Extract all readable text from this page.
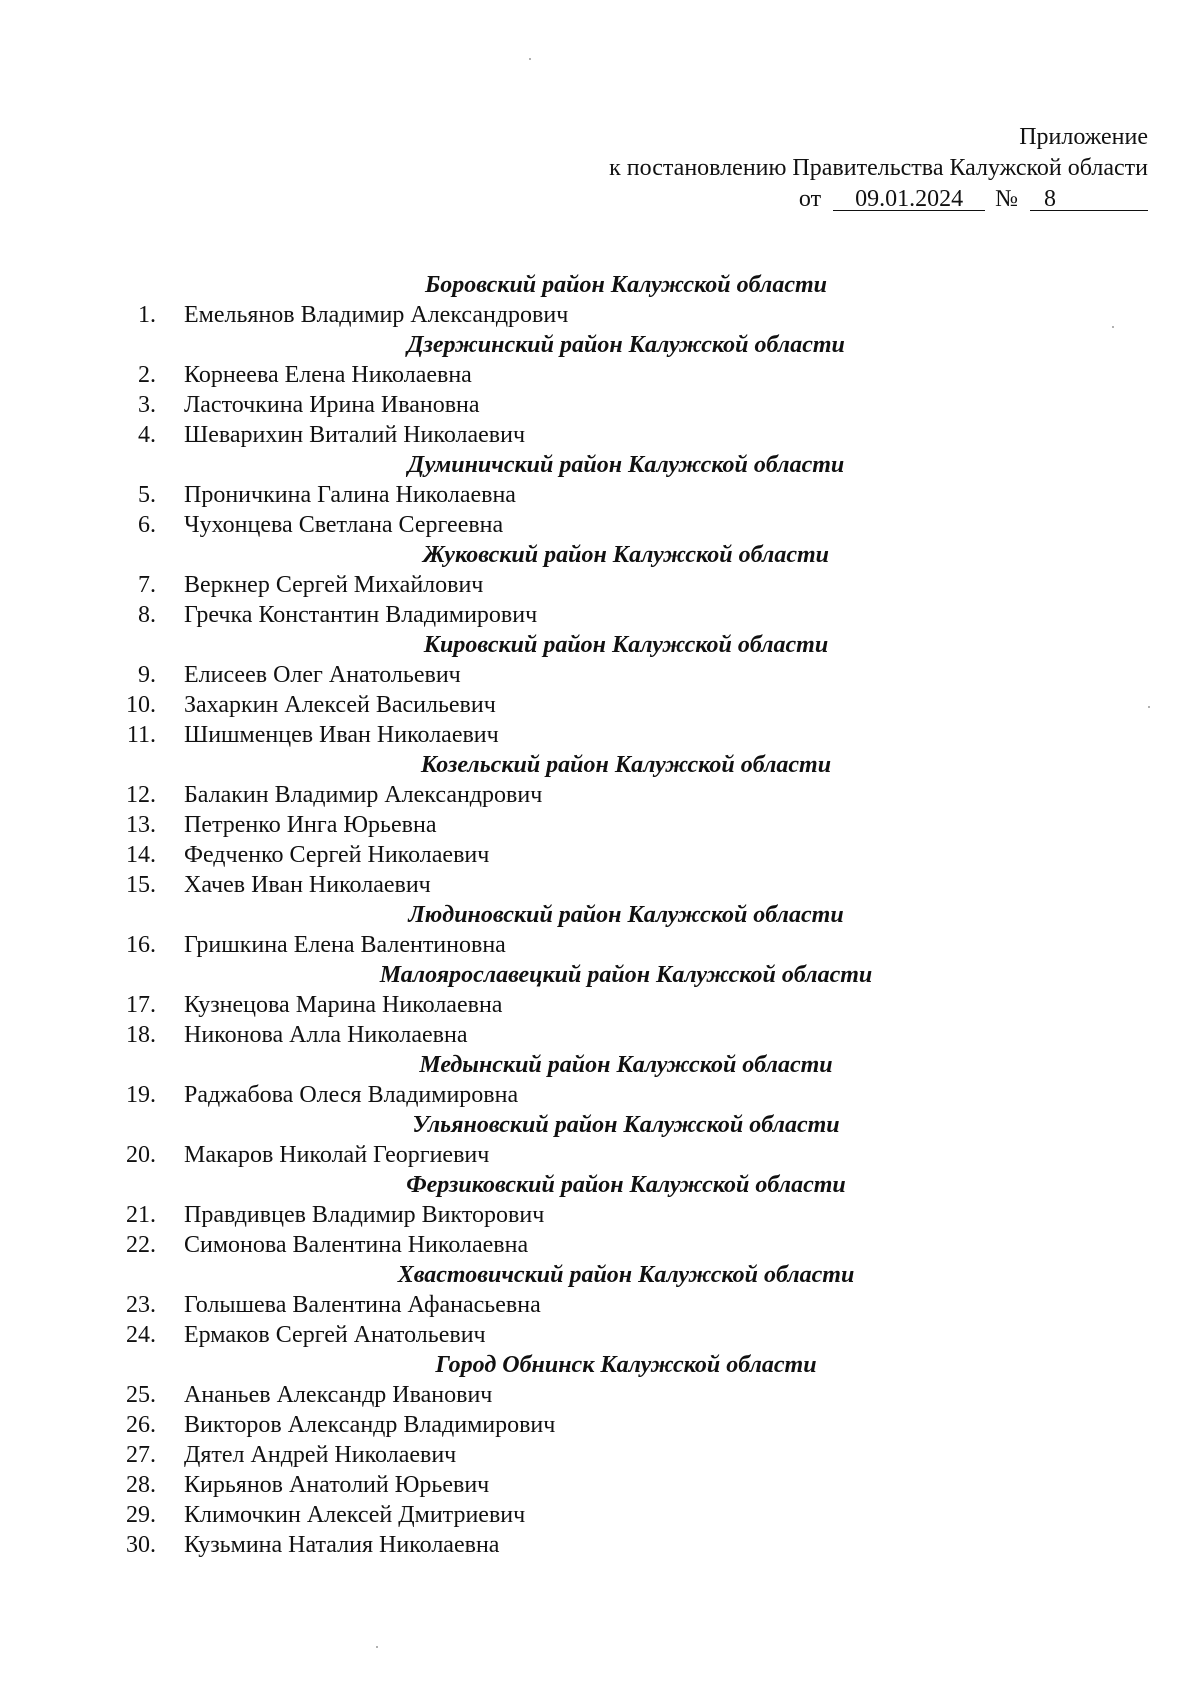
Приложение
к постановлению Правительства Калужской области
от 09.01.2024 № 8
Боровский район Калужской области
1. Емельянов Владимир Александрович
Дзержинский район Калужской области
2. Корнеева Елена Николаевна
3. Ласточкина Ирина Ивановна
4. Шеварихин Виталий Николаевич
Думиничский район Калужской области
5. Проничкина Галина Николаевна
6. Чухонцева Светлана Сергеевна
Жуковский район Калужской области
7. Веркнер Сергей Михайлович
8. Гречка Константин Владимирович
Кировский район Калужской области
9. Елисеев Олег Анатольевич
10. Захаркин Алексей Васильевич
11. Шишменцев Иван Николаевич
Козельский район Калужской области
12. Балакин Владимир Александрович
13. Петренко Инга Юрьевна
14. Федченко Сергей Николаевич
15. Хачев Иван Николаевич
Людиновский район Калужской области
16. Гришкина Елена Валентиновна
Малоярославецкий район Калужской области
17. Кузнецова Марина Николаевна
18. Никонова Алла Николаевна
Медынский район Калужской области
19. Раджабова Олеся Владимировна
Ульяновский район Калужской области
20. Макаров Николай Георгиевич
Ферзиковский район Калужской области
21. Правдивцев Владимир Викторович
22. Симонова Валентина Николаевна
Хвастовичский район Калужской области
23. Голышева Валентина Афанасьевна
24. Ермаков Сергей Анатольевич
Город Обнинск Калужской области
25. Ананьев Александр Иванович
26. Викторов Александр Владимирович
27. Дятел Андрей Николаевич
28. Кирьянов Анатолий Юрьевич
29. Климочкин Алексей Дмитриевич
30. Кузьмина Наталия Николаевна
